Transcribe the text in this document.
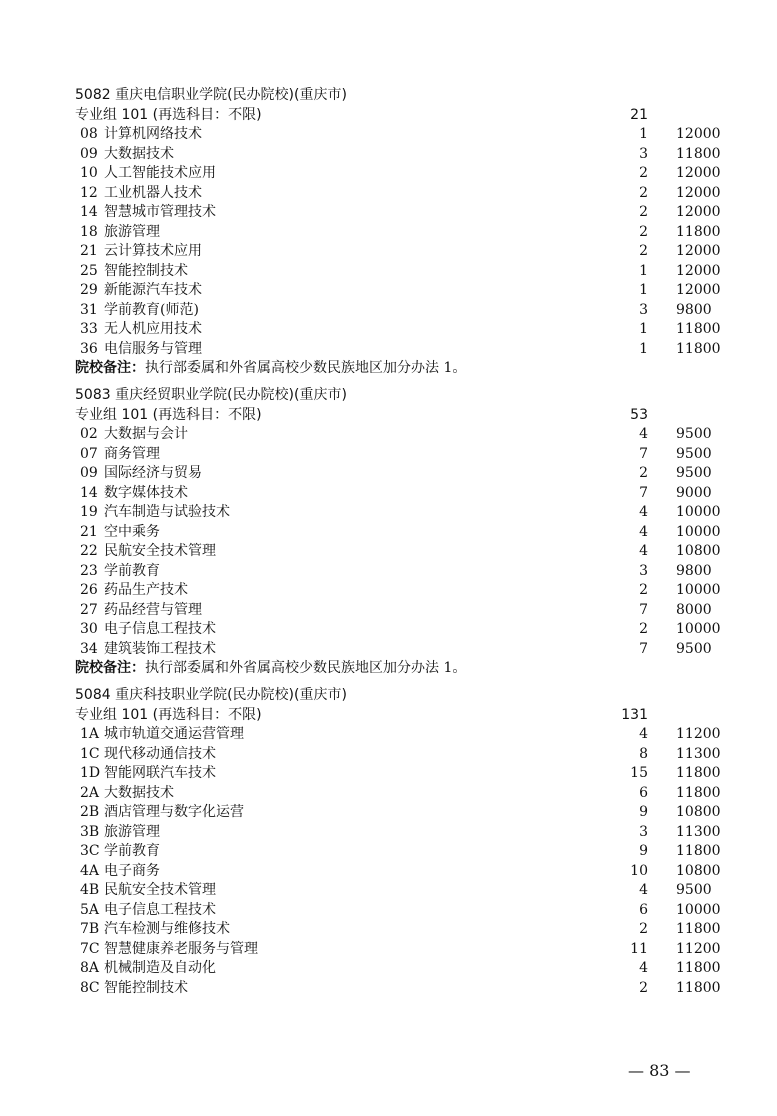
5082 重庆电信职业学院(民办院校)(重庆市)
专业组 101 (再选科目：不限)	21
08 计算机网络技术	1 12000
09 大数据技术	3 11800
10 人工智能技术应用	2 12000
12 工业机器人技术	2 12000
14 智慧城市管理技术	2 12000
18 旅游管理	2 11800
21 云计算技术应用	2 12000
25 智能控制技术	1 12000
29 新能源汽车技术	1 12000
31 学前教育(师范)	3 9800
33 无人机应用技术	1 11800
36 电信服务与管理	1 11800
院校备注：执行部委属和外省属高校少数民族地区加分办法 1。
5083 重庆经贸职业学院(民办院校)(重庆市)
专业组 101 (再选科目：不限)	53
02 大数据与会计	4 9500
07 商务管理	7 9500
09 国际经济与贸易	2 9500
14 数字媒体技术	7 9000
19 汽车制造与试验技术	4 10000
21 空中乘务	4 10000
22 民航安全技术管理	4 10800
23 学前教育	3 9800
26 药品生产技术	2 10000
27 药品经营与管理	7 8000
30 电子信息工程技术	2 10000
34 建筑装饰工程技术	7 9500
院校备注：执行部委属和外省属高校少数民族地区加分办法 1。
5084 重庆科技职业学院(民办院校)(重庆市)
专业组 101 (再选科目：不限)	131
1A 城市轨道交通运营管理	4 11200
1C 现代移动通信技术	8 11300
1D 智能网联汽车技术	15 11800
2A 大数据技术	6 11800
2B 酒店管理与数字化运营	9 10800
3B 旅游管理	3 11300
3C 学前教育	9 11800
4A 电子商务	10 10800
4B 民航安全技术管理	4 9500
5A 电子信息工程技术	6 10000
7B 汽车检测与维修技术	2 11800
7C 智慧健康养老服务与管理	11 11200
8A 机械制造及自动化	4 11800
8C 智能控制技术	2 11800
— 83 —
